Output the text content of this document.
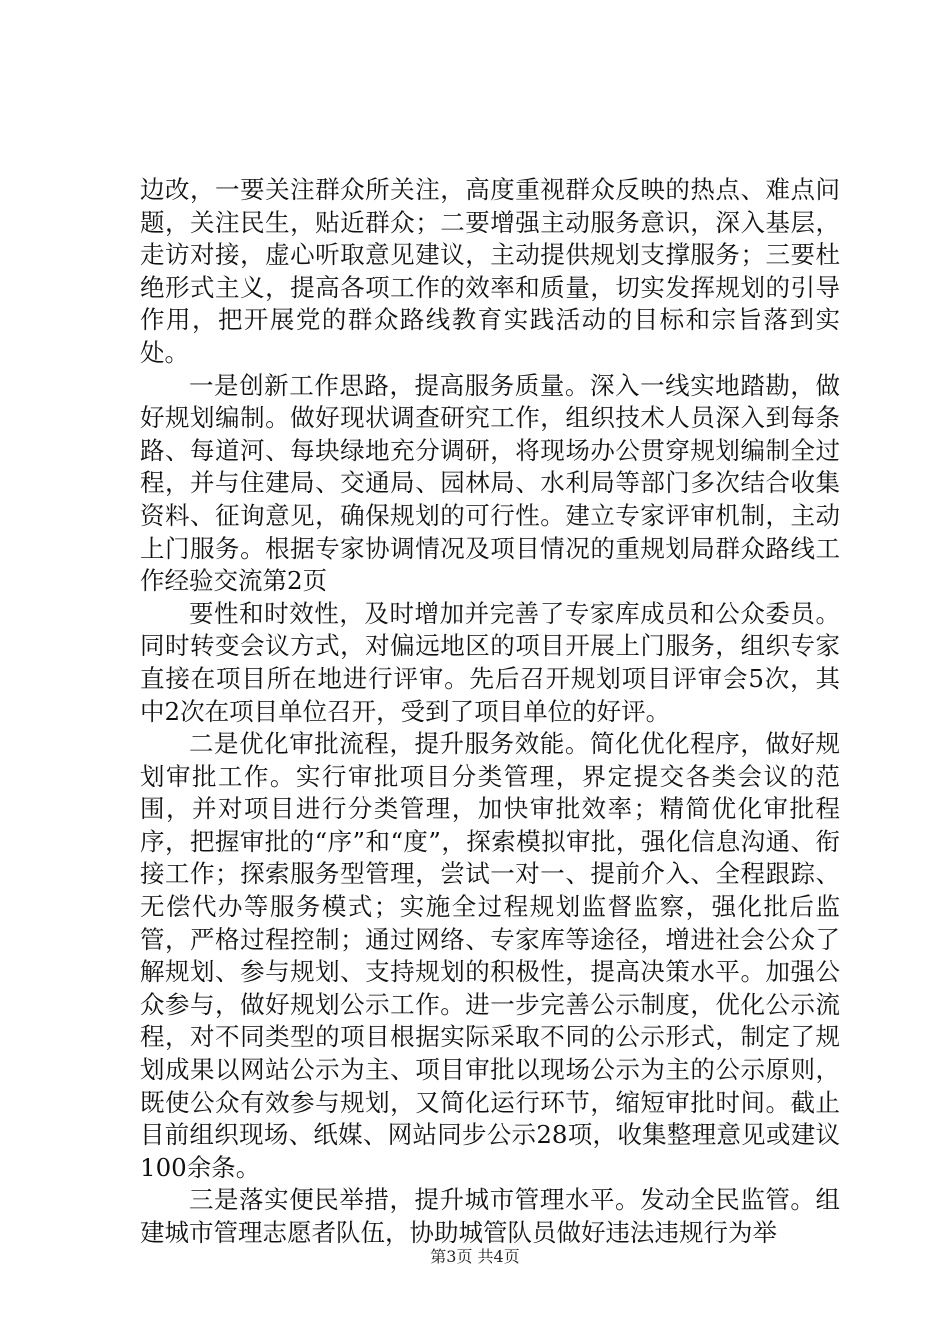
边改，一要关注群众所关注，高度重视群众反映的热点、难点问题，关注民生，贴近群众；二要增强主动服务意识，深入基层，走访对接，虚心听取意见建议，主动提供规划支撑服务；三要杜绝形式主义，提高各项工作的效率和质量，切实发挥规划的引导作用，把开展党的群众路线教育实践活动的目标和宗旨落到实处。

一是创新工作思路，提高服务质量。深入一线实地踏勘，做好规划编制。做好现状调查研究工作，组织技术人员深入到每条路、每道河、每块绿地充分调研，将现场办公贯穿规划编制全过程，并与住建局、交通局、园林局、水利局等部门多次结合收集资料、征询意见，确保规划的可行性。建立专家评审机制，主动上门服务。根据专家协调情况及项目情况的重规划局群众路线工作经验交流第2页

要性和时效性，及时增加并完善了专家库成员和公众委员。同时转变会议方式，对偏远地区的项目开展上门服务，组织专家直接在项目所在地进行评审。先后召开规划项目评审会5次，其中2次在项目单位召开，受到了项目单位的好评。

二是优化审批流程，提升服务效能。简化优化程序，做好规划审批工作。实行审批项目分类管理，界定提交各类会议的范围，并对项目进行分类管理，加快审批效率；精简优化审批程序，把握审批的“序”和“度”，探索模拟审批，强化信息沟通、衔接工作；探索服务型管理，尝试一对一、提前介入、全程跟踪、无偿代办等服务模式；实施全过程规划监督监察，强化批后监管，严格过程控制；通过网络、专家库等途径，增进社会公众了解规划、参与规划、支持规划的积极性，提高决策水平。加强公众参与，做好规划公示工作。进一步完善公示制度，优化公示流程，对不同类型的项目根据实际采取不同的公示形式，制定了规划成果以网站公示为主、项目审批以现场公示为主的公示原则，既使公众有效参与规划，又简化运行环节，缩短审批时间。截止目前组织现场、纸媒、网站同步公示28项，收集整理意见或建议100余条。

三是落实便民举措，提升城市管理水平。发动全民监管。组建城市管理志愿者队伍，协助城管队员做好违法违规行为举

第3页 共4页
